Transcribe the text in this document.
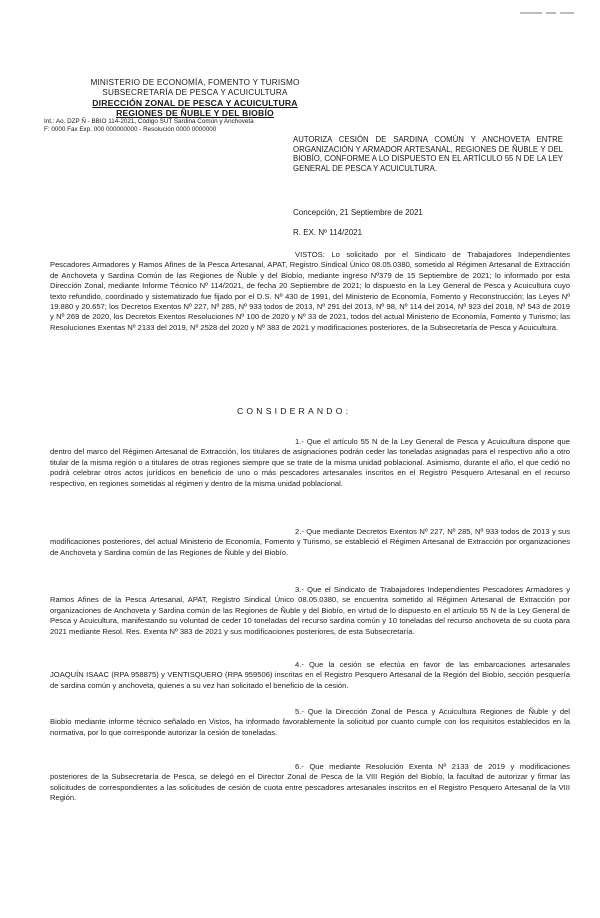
MINISTERIO DE ECONOMÍA, FOMENTO Y TURISMO
SUBSECRETARÍA DE PESCA Y ACUICULTURA
DIRECCIÓN ZONAL DE PESCA Y ACUICULTURA
REGIONES DE ÑUBLE Y DEL BIOBÍO
Int.: Ao. DZP Ñ - BBIO 114-2021, Código SUT Sardina Común y Anchoveta
F: 0000 Fax Exp. 000 000000000 - Resolución 0000 0000000
AUTORIZA CESIÓN DE SARDINA COMÚN Y ANCHOVETA ENTRE ORGANIZACIÓN Y ARMADOR ARTESANAL, REGIONES DE ÑUBLE Y DEL BIOBÍO, CONFORME A LO DISPUESTO EN EL ARTÍCULO 55 N DE LA LEY GENERAL DE PESCA Y ACUICULTURA.
Concepción, 21 Septiembre de 2021
R. EX. Nº 114/2021
VISTOS: Lo solicitado por el Sindicato de Trabajadores Independientes Pescadores Armadores y Ramos Afines de la Pesca Artesanal, APAT, Registro Sindical Único 08.05.0380, sometido al Régimen Artesanal de Extracción de Anchoveta y Sardina Común de las Regiones de Ñuble y del Biobío, mediante ingreso Nº379 de 15 Septiembre de 2021; lo informado por esta Dirección Zonal, mediante Informe Técnico Nº 114/2021, de fecha 20 Septiembre de 2021; lo dispuesto en la Ley General de Pesca y Acuicultura cuyo texto refundido, coordinado y sistematizado fue fijado por el D.S. Nº 430 de 1991, del Ministerio de Economía, Fomento y Reconstrucción; las Leyes Nº 19.880 y 20.657; los Decretos Exentos Nº 227, Nº 285, Nº 933 todos de 2013, Nº 291 del 2013, Nº 98, Nº 114 del 2014, Nº 923 del 2018, Nº 543 de 2019 y Nº 269 de 2020, los Decretos Exentos Resoluciones Nº 100 de 2020 y Nº 33 de 2021, todos del actual Ministerio de Economía, Fomento y Turismo; las Resoluciones Exentas Nº 2133 del 2019, Nº 2528 del 2020 y Nº 383 de 2021 y modificaciones posteriores, de la Subsecretaría de Pesca y Acuicultura.
CONSIDERANDO:
1.- Que el artículo 55 N de la Ley General de Pesca y Acuicultura dispone que dentro del marco del Régimen Artesanal de Extracción, los titulares de asignaciones podrán ceder las toneladas asignadas para el respectivo año a otro titular de la misma región o a titulares de otras regiones siempre que se trate de la misma unidad poblacional. Asimismo, durante el año, el que cedió no podrá celebrar otros actos jurídicos en beneficio de uno o más pescadores artesanales inscritos en el Registro Pesquero Artesanal en el recurso respectivo, en regiones sometidas al régimen y dentro de la misma unidad poblacional.
2.- Que mediante Decretos Exentos Nº 227, Nº 285, Nº 933 todos de 2013 y sus modificaciones posteriores, del actual Ministerio de Economía, Fomento y Turismo, se estableció el Régimen Artesanal de Extracción por organizaciones de Anchoveta y Sardina común de las Regiones de Ñuble y del Biobío.
3.- Que el Sindicato de Trabajadores Independientes Pescadores Armadores y Ramos Afines de la Pesca Artesanal, APAT, Registro Sindical Único 08.05.0380, se encuentra sometido al Régimen Artesanal de Extracción por organizaciones de Anchoveta y Sardina común de las Regiones de Ñuble y del Biobío, en virtud de lo dispuesto en el artículo 55 N de la Ley General de Pesca y Acuicultura, manifestando su voluntad de ceder 10 toneladas del recurso sardina común y 10 toneladas del recurso anchoveta de su cuota para 2021 mediante Resol. Res. Exenta Nº 383 de 2021 y sus modificaciones posteriores, de esta Subsecretaría.
4.- Que la cesión se efectúa en favor de las embarcaciones artesanales JOAQUÍN ISAAC (RPA 958875) y VENTISQUERO (RPA 959506) inscritas en el Registro Pesquero Artesanal de la Región del Biobío, sección pesquería de sardina común y anchoveta, quienes a su vez han solicitado el beneficio de la cesión.
5.- Que la Dirección Zonal de Pesca y Acuicultura Regiones de Ñuble y del Biobío mediante informe técnico señalado en Vistos, ha informado favorablemente la solicitud por cuanto cumple con los requisitos establecidos en la normativa, por lo que corresponde autorizar la cesión de toneladas.
6.- Que mediante Resolución Exenta Nº 2133 de 2019 y modificaciones posteriores de la Subsecretaría de Pesca, se delegó en el Director Zonal de Pesca de la VIII Región del Biobío, la facultad de autorizar y firmar las solicitudes de correspondientes a las solicitudes de cesión de cuota entre pescadores artesanales inscritos en el Registro Pesquero Artesanal de la VIII Región.
